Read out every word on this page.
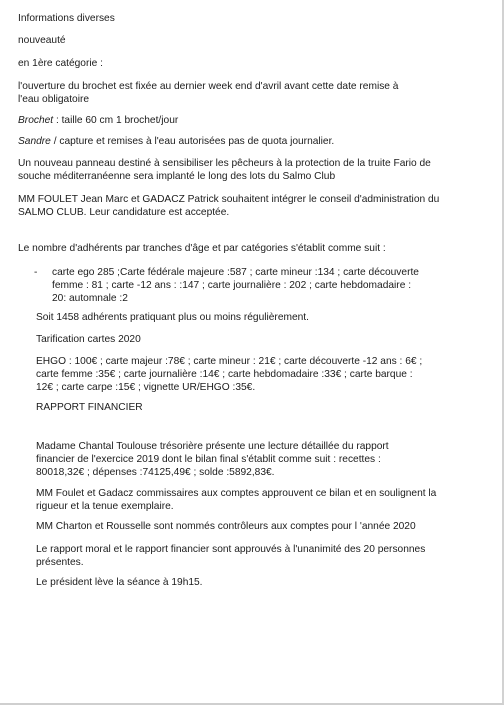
Informations diverses
nouveauté
en 1ère catégorie :
l'ouverture du brochet est fixée au dernier week end d'avril avant cette date remise à
l'eau obligatoire
Brochet : taille 60 cm 1 brochet/jour
Sandre / capture et remises à l'eau autorisées pas de quota journalier.
Un nouveau panneau destiné à sensibiliser les pêcheurs à la protection de la truite Fario de
souche méditerranéenne sera implanté le long des lots du Salmo Club
MM FOULET Jean Marc et GADACZ Patrick souhaitent intégrer le conseil d'administration du
SALMO CLUB. Leur candidature est acceptée.
Le nombre d'adhérents par tranches d'âge et par catégories s'établit comme suit :
- carte ego 285 ;Carte fédérale majeure :587 ; carte mineur :134 ; carte découverte
femme : 81 ; carte -12 ans : :147 ; carte journalière : 202 ; carte hebdomadaire :
20: automnale :2
Soit 1458 adhérents pratiquant plus ou moins régulièrement.
Tarification cartes 2020
EHGO : 100€ ; carte majeur :78€ ; carte mineur : 21€ ; carte découverte -12 ans : 6€ ;
carte femme :35€ ; carte journalière :14€ ; carte hebdomadaire :33€ ; carte barque :
12€ ; carte carpe :15€ ; vignette UR/EHGO :35€.
RAPPORT FINANCIER
Madame Chantal Toulouse trésorière présente une lecture détaillée du rapport
financier de l'exercice 2019 dont le bilan final s'établit comme suit : recettes :
80018,32€ ; dépenses :74125,49€ ; solde :5892,83€.
MM Foulet et Gadacz commissaires aux comptes approuvent ce bilan et en soulignent la
rigueur et la tenue exemplaire.
MM Charton et Rousselle sont nommés contrôleurs aux comptes pour l 'année 2020
Le rapport moral et le rapport financier sont approuvés à l'unanimité des 20 personnes
présentes.
Le président lève la séance à 19h15.
